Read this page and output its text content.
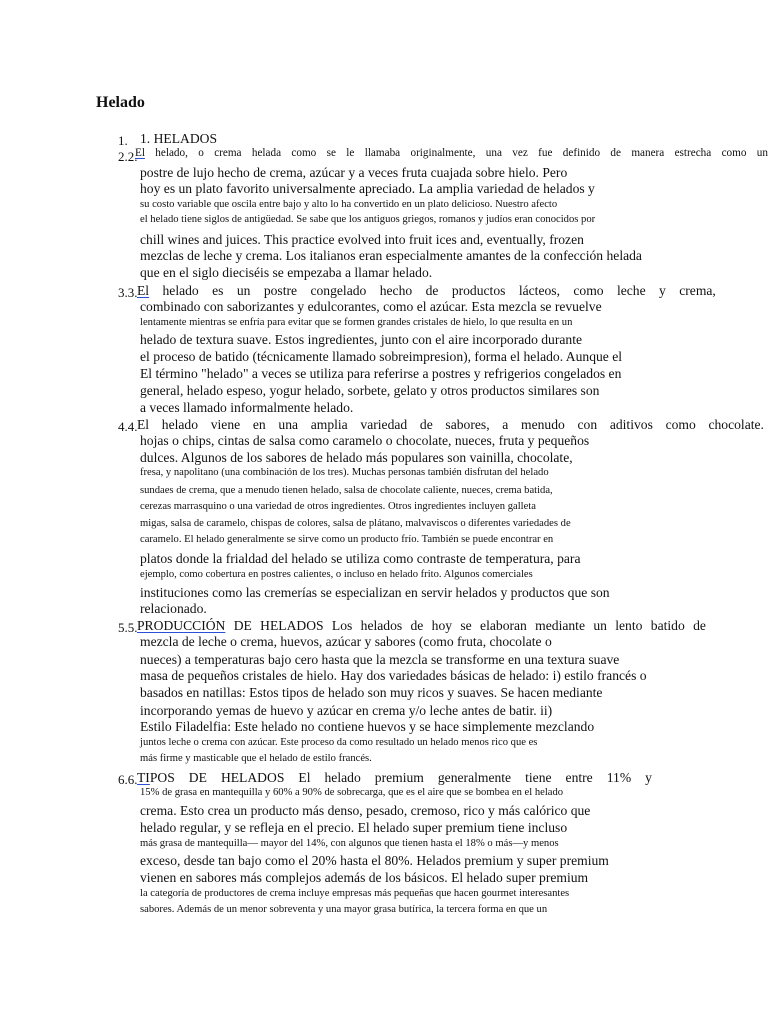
Helado
1. 1. HELADOS
2.2.
El helado, o crema helada como se le llamaba originalmente, una vez fue definido de manera estrecha como un
3.3. El helado es un postre congelado hecho de productos lácteos, como leche y crema,
4.4. El helado viene en una amplia variedad de sabores, a menudo con aditivos como chocolate.
5.5. PRODUCCIÓN DE HELADOS Los helados de hoy se elaboran mediante un lento batido de
6.6. TIPOS DE HELADOS El helado premium generalmente tiene entre 11% y
postre de lujo hecho de crema, azúcar y a veces fruta cuajada sobre hielo. Pero
hoy es un plato favorito universalmente apreciado. La amplia variedad de helados y
su costo variable que oscila entre bajo y alto lo ha convertido en un plato delicioso. Nuestro afecto
el helado tiene siglos de antigüedad. Se sabe que los antiguos griegos, romanos y judíos eran conocidos por
chill wines and juices. This practice evolved into fruit ices and, eventually, frozen
mezclas de leche y crema. Los italianos eran especialmente amantes de la confección helada
que en el siglo dieciséis se empezaba a llamar helado.
combinado con saborizantes y edulcorantes, como el azúcar. Esta mezcla se revuelve
lentamente mientras se enfría para evitar que se formen grandes cristales de hielo, lo que resulta en un
helado de textura suave. Estos ingredientes, junto con el aire incorporado durante
el proceso de batido (técnicamente llamado sobreimpresion), forma el helado. Aunque el
El término "helado" a veces se utiliza para referirse a postres y refrigerios congelados en
general, helado espeso, yogur helado, sorbete, gelato y otros productos similares son
a veces llamado informalmente helado.
hojas o chips, cintas de salsa como caramelo o chocolate, nueces, fruta y pequeños
dulces. Algunos de los sabores de helado más populares son vainilla, chocolate,
fresa, y napolitano (una combinación de los tres). Muchas personas también disfrutan del helado
sundaes de crema, que a menudo tienen helado, salsa de chocolate caliente, nueces, crema batida,
cerezas marrasquino o una variedad de otros ingredientes. Otros ingredientes incluyen galleta
migas, salsa de caramelo, chispas de colores, salsa de plátano, malvaviscos o diferentes variedades de
caramelo. El helado generalmente se sirve como un producto frío. También se puede encontrar en
platos donde la frialdad del helado se utiliza como contraste de temperatura, para
ejemplo, como cobertura en postres calientes, o incluso en helado frito. Algunos comerciales
instituciones como las cremerías se especializan en servir helados y productos que son
relacionado.
mezcla de leche o crema, huevos, azúcar y sabores (como fruta, chocolate o
nueces) a temperaturas bajo cero hasta que la mezcla se transforme en una textura suave
masa de pequeños cristales de hielo. Hay dos variedades básicas de helado: i) estilo francés o
basados en natillas: Estos tipos de helado son muy ricos y suaves. Se hacen mediante
incorporando yemas de huevo y azúcar en crema y/o leche antes de batir. ii)
Estilo Filadelfia: Este helado no contiene huevos y se hace simplemente mezclando
juntos leche o crema con azúcar. Este proceso da como resultado un helado menos rico que es
más firme y masticable que el helado de estilo francés.
15% de grasa en mantequilla y 60% a 90% de sobrecarga, que es el aire que se bombea en el helado
crema. Esto crea un producto más denso, pesado, cremoso, rico y más calórico que
helado regular, y se refleja en el precio. El helado super premium tiene incluso
más grasa de mantequilla— mayor del 14%, con algunos que tienen hasta el 18% o más—y menos
exceso, desde tan bajo como el 20% hasta el 80%. Helados premium y super premium
vienen en sabores más complejos además de los básicos. El helado super premium
la categoría de productores de crema incluye empresas más pequeñas que hacen gourmet interesantes
sabores. Además de un menor sobreventa y una mayor grasa butírica, la tercera forma en que un
